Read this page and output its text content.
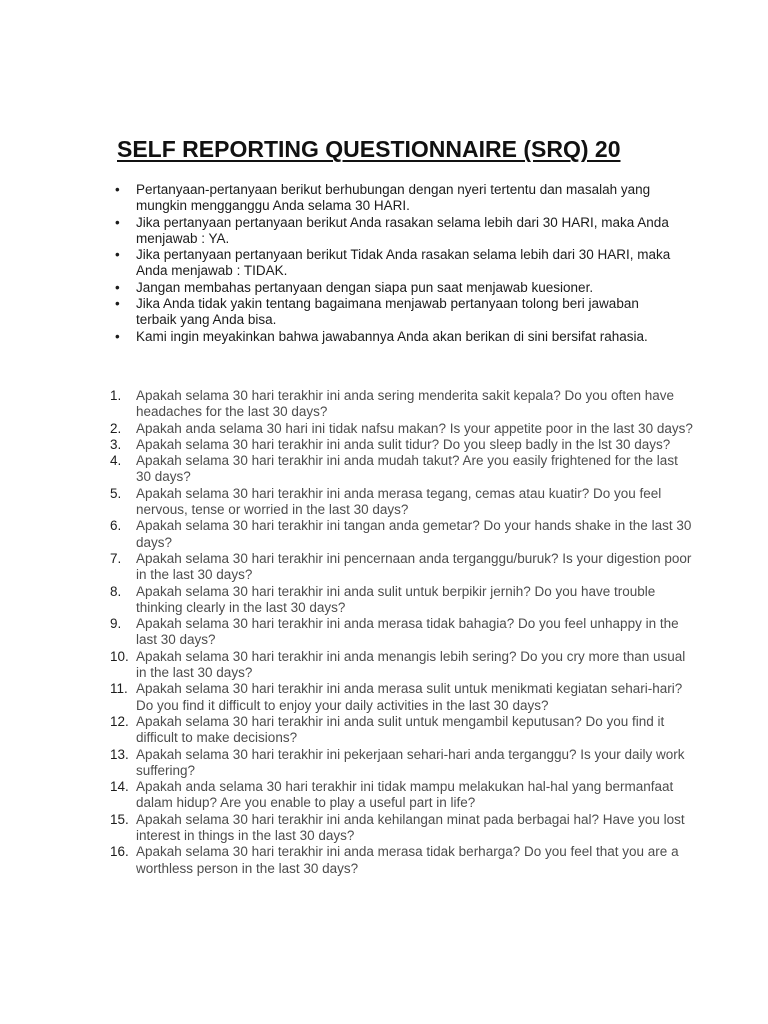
SELF REPORTING QUESTIONNAIRE (SRQ) 20
• Pertanyaan-pertanyaan berikut berhubungan dengan nyeri tertentu dan masalah yang mungkin mengganggu Anda selama 30 HARI.
• Jika pertanyaan pertanyaan berikut Anda rasakan selama lebih dari 30 HARI, maka Anda menjawab : YA.
• Jika pertanyaan pertanyaan berikut Tidak Anda rasakan selama lebih dari 30 HARI, maka Anda menjawab : TIDAK.
• Jangan membahas pertanyaan dengan siapa pun saat menjawab kuesioner.
• Jika Anda tidak yakin tentang bagaimana menjawab pertanyaan tolong beri jawaban terbaik yang Anda bisa.
• Kami ingin meyakinkan bahwa jawabannya Anda akan berikan di sini bersifat rahasia.
1. Apakah selama 30 hari terakhir ini anda sering menderita sakit kepala? Do you often have headaches for the last 30 days?
2. Apakah anda selama 30 hari ini tidak nafsu makan? Is your appetite poor in the last 30 days?
3. Apakah selama 30 hari terakhir ini anda sulit tidur? Do you sleep badly in the lst 30 days?
4. Apakah selama 30 hari terakhir ini anda mudah takut? Are you easily frightened for the last 30 days?
5. Apakah selama 30 hari terakhir ini anda merasa tegang, cemas atau kuatir? Do you feel nervous, tense or worried in the last 30 days?
6. Apakah selama 30 hari terakhir ini tangan anda gemetar? Do your hands shake in the last 30 days?
7. Apakah selama 30 hari terakhir ini pencernaan anda terganggu/buruk? Is your digestion poor in the last 30 days?
8. Apakah selama 30 hari terakhir ini anda sulit untuk berpikir jernih? Do you have trouble thinking clearly in the last 30 days?
9. Apakah selama 30 hari terakhir ini anda merasa tidak bahagia? Do you feel unhappy in the last 30 days?
10. Apakah selama 30 hari terakhir ini anda menangis lebih sering? Do you cry more than usual in the last 30 days?
11. Apakah selama 30 hari terakhir ini anda merasa sulit untuk menikmati kegiatan sehari-hari? Do you find it difficult to enjoy your daily activities in the last 30 days?
12. Apakah selama 30 hari terakhir ini anda sulit untuk mengambil keputusan? Do you find it difficult to make decisions?
13. Apakah selama 30 hari terakhir ini pekerjaan sehari-hari anda terganggu? Is your daily work suffering?
14. Apakah anda selama 30 hari terakhir ini tidak mampu melakukan hal-hal yang bermanfaat dalam hidup? Are you enable to play a useful part in life?
15. Apakah selama 30 hari terakhir ini anda kehilangan minat pada berbagai hal? Have you lost interest in things in the last 30 days?
16. Apakah selama 30 hari terakhir ini anda merasa tidak berharga? Do you feel that you are a worthless person in the last 30 days?
